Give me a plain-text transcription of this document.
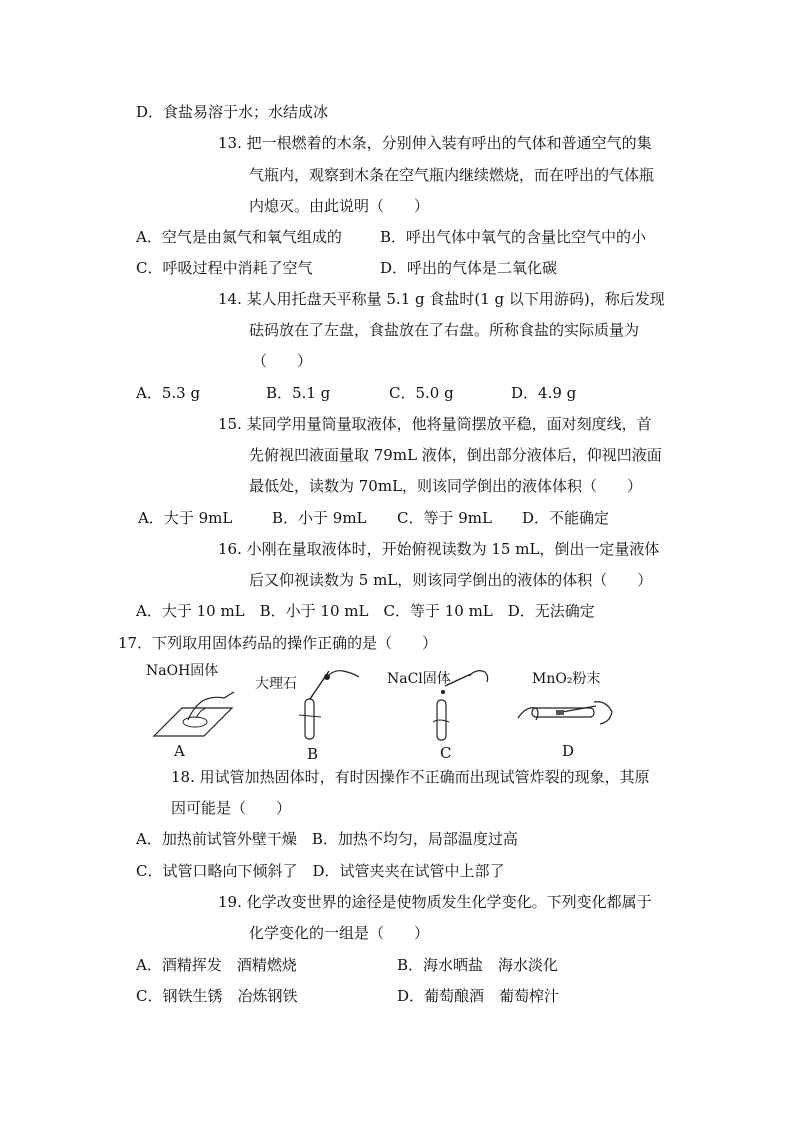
D．食盐易溶于水；水结成冰
13. 把一根燃着的木条，分别伸入装有呼出的气体和普通空气的集
气瓶内，观察到木条在空气瓶内继续燃烧，而在呼出的气体瓶
内熄灭。由此说明（　　）
A．空气是由氮气和氧气组成的	B．呼出气体中氧气的含量比空气中的小
C．呼吸过程中消耗了空气	D．呼出的气体是二氧化碳
14. 某人用托盘天平称量 5.1 g 食盐时(1 g 以下用游码)，称后发现
砝码放在了左盘，食盐放在了右盘。所称食盐的实际质量为
（　　）
A．5.3 g	B．5.1 g	C．5.0 g	D．4.9 g
15. 某同学用量筒量取液体，他将量筒摆放平稳，面对刻度线，首
先俯视凹液面量取 79mL 液体，倒出部分液体后，仰视凹液面
最低处，读数为 70mL，则该同学倒出的液体体积（　　）
A．大于 9mL	B．小于 9mL C．等于 9mL D．不能确定
16. 小刚在量取液体时，开始俯视读数为 15 mL，倒出一定量液体
后又仰视读数为 5 mL，则该同学倒出的液体的体积（　　）
A．大于 10 mL　B．小于 10 mL　C．等于 10 mL　D．无法确定
17．下列取用固体药品的操作正确的是（　　）
NaOH固体
A
大理石
B
NaCl固体
C
MnO₂粉末
D
18. 用试管加热固体时，有时因操作不正确而出现试管炸裂的现象，其原
因可能是（　　）
A．加热前试管外壁干燥　B．加热不均匀，局部温度过高
C．试管口略向下倾斜了　D．试管夹夹在试管中上部了
19. 化学改变世界的途径是使物质发生化学变化。下列变化都属于
化学变化的一组是（　　）
A．酒精挥发　酒精燃烧	B．海水晒盐　海水淡化
C．钢铁生锈　冶炼钢铁	D．葡萄酿酒　葡萄榨汁
